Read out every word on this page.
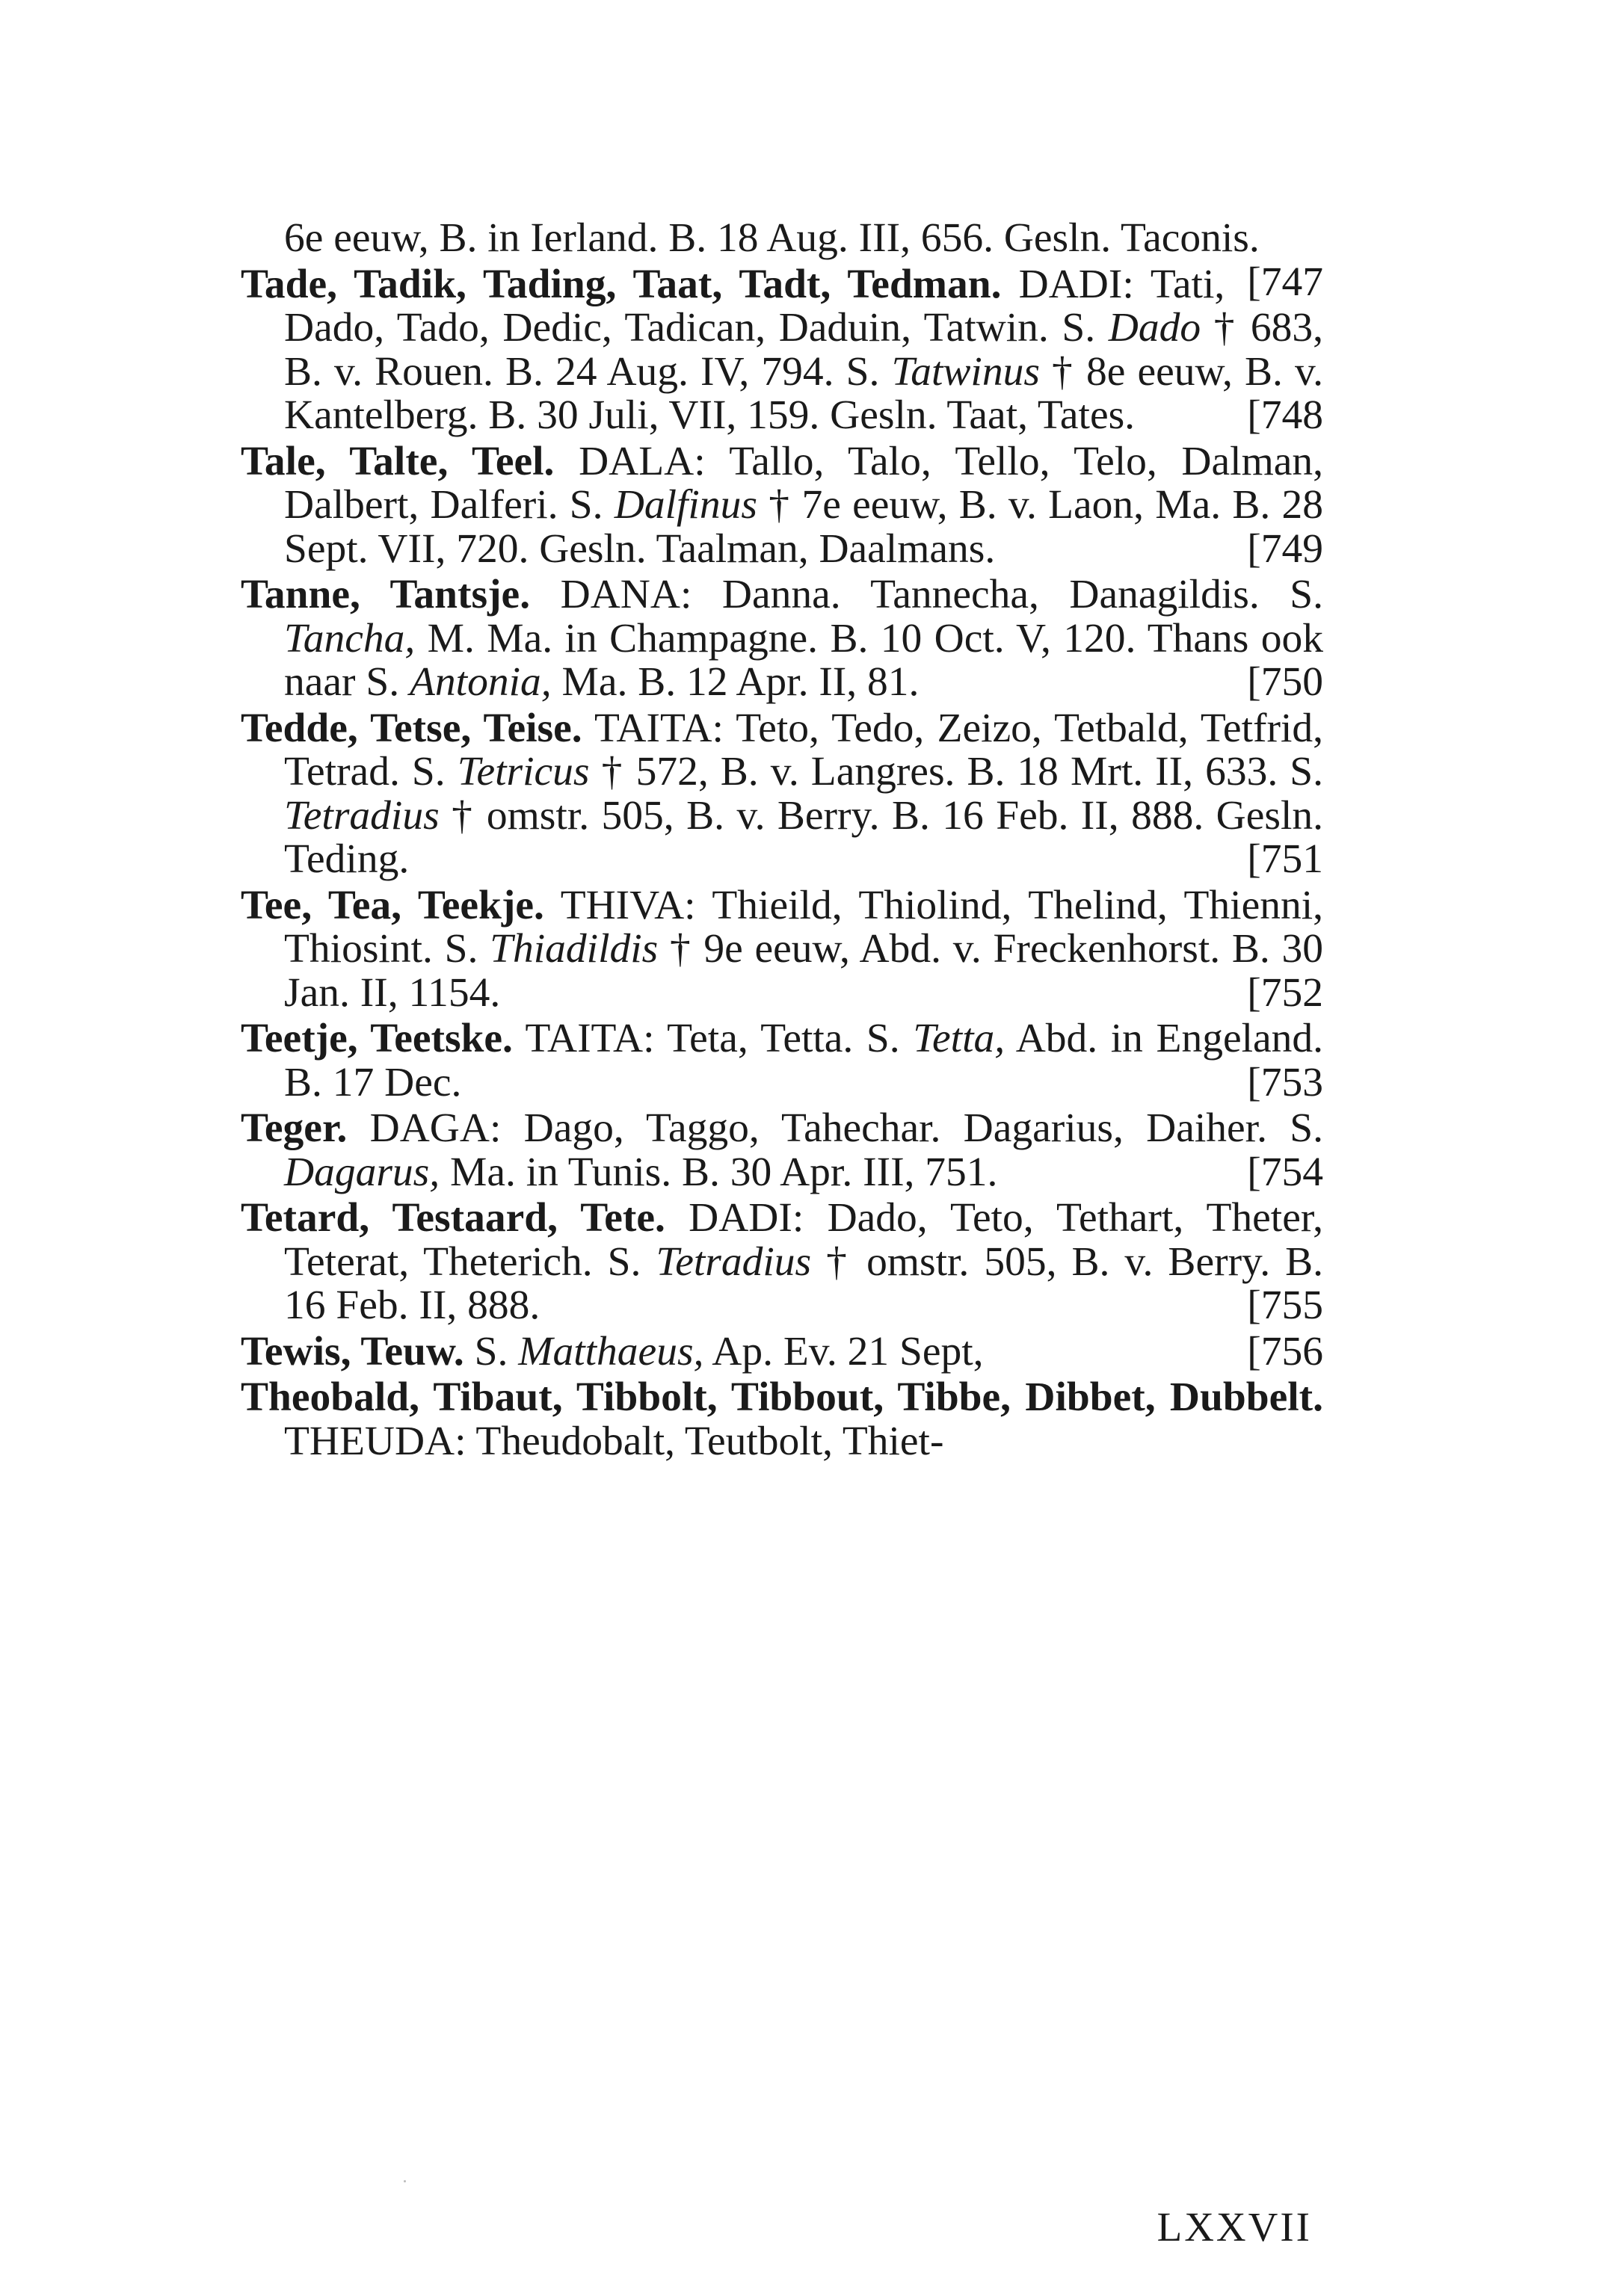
6e eeuw, B. in Ierland. B. 18 Aug. III, 656. Gesln. Taconis.
[747

Tade, Tadik, Tading, Taat, Tadt, Tedman. DADI: Tati, Dado, Tado, Dedic, Tadican, Daduin, Tatwin. S. Dado † 683, B. v. Rouen. B. 24 Aug. IV, 794. S. Tatwinus † 8e eeuw, B. v. Kantelberg. B. 30 Juli, VII, 159. Gesln. Taat, Tates.	[748

Tale, Talte, Teel. DALA: Tallo, Talo, Tello, Telo, Dalman, Dalbert, Dalferi. S. Dalfinus † 7e eeuw, B. v. Laon, Ma. B. 28 Sept. VII, 720. Gesln. Taalman, Daalmans.	[749

Tanne, Tantsje. DANA: Danna. Tannecha, Danagildis. S. Tancha, M. Ma. in Champagne. B. 10 Oct. V, 120. Thans ook naar S. Antonia, Ma. B. 12 Apr. II, 81.	[750

Tedde, Tetse, Teise. TAITA: Teto, Tedo, Zeizo, Tetbald, Tetfrid, Tetrad. S. Tetricus † 572, B. v. Langres. B. 18 Mrt. II, 633. S. Tetradius † omstr. 505, B. v. Berry. B. 16 Feb. II, 888. Gesln. Teding.	[751

Tee, Tea, Teekje. THIVA: Thieild, Thiolind, Thelind, Thienni, Thiosint. S. Thiadildis † 9e eeuw, Abd. v. Freckenhorst. B. 30 Jan. II, 1154.	[752

Teetje, Teetske. TAITA: Teta, Tetta. S. Tetta, Abd. in Engeland. B. 17 Dec.	[753

Teger. DAGA: Dago, Taggo, Tahechar. Dagarius, Daiher. S. Dagarus, Ma. in Tunis. B. 30 Apr. III, 751.	[754

Tetard, Testaard, Tete. DADI: Dado, Teto, Tethart, Theter, Teterat, Theterich. S. Tetradius † omstr. 505, B. v. Berry. B. 16 Feb. II, 888.	[755

Tewis, Teuw. S. Matthaeus, Ap. Ev. 21 Sept,	[756

Theobald, Tibaut, Tibbolt, Tibbout, Tibbe, Dibbet, Dubbelt. THEUDA: Theudobalt, Teutbolt, Thiet-

LXXVII
